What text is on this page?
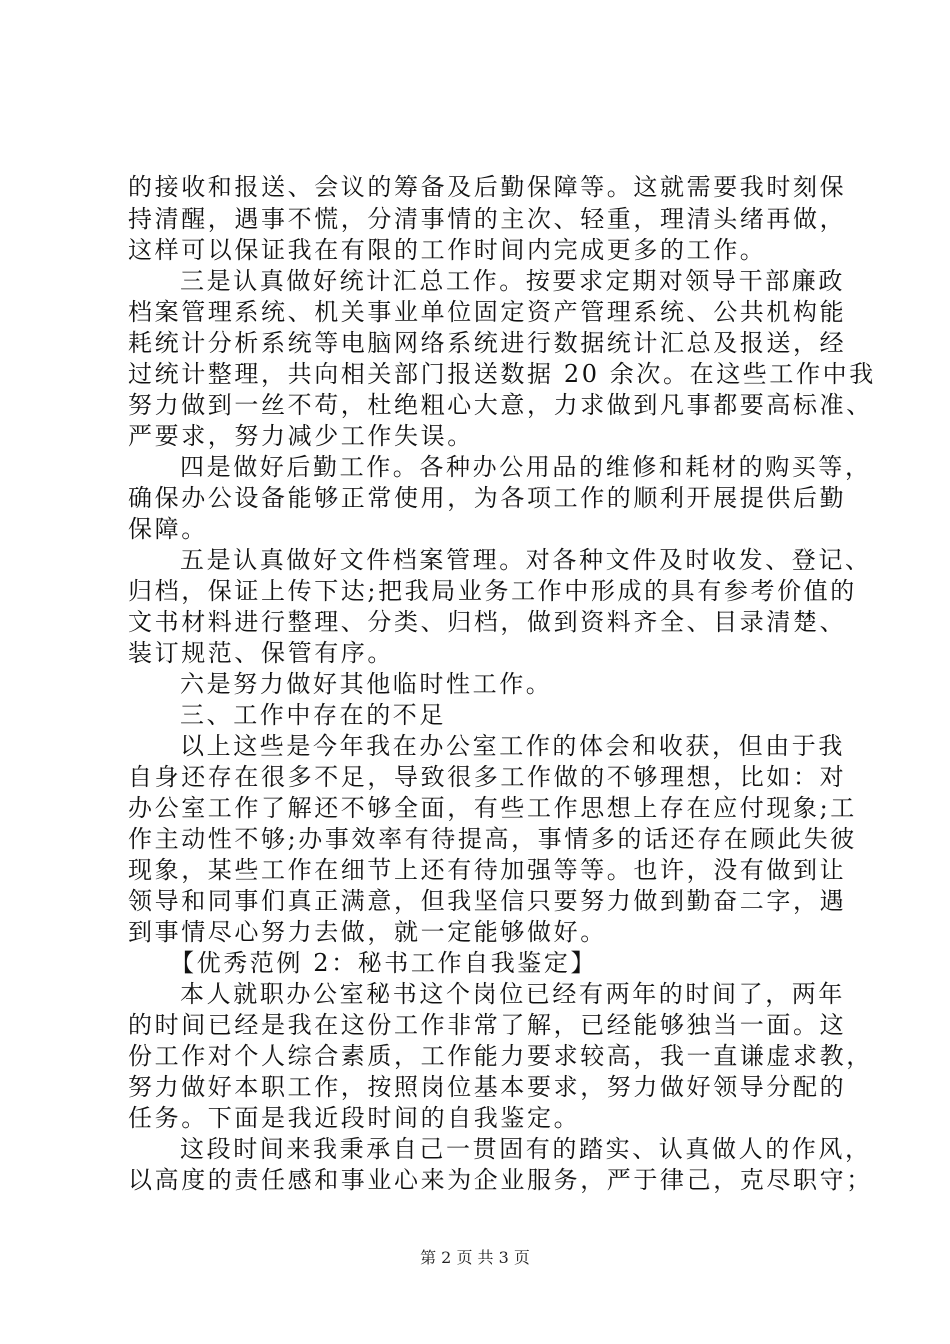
的接收和报送、会议的筹备及后勤保障等。这就需要我时刻保
持清醒，遇事不慌，分清事情的主次、轻重，理清头绪再做，
这样可以保证我在有限的工作时间内完成更多的工作。
三是认真做好统计汇总工作。按要求定期对领导干部廉政
档案管理系统、机关事业单位固定资产管理系统、公共机构能
耗统计分析系统等电脑网络系统进行数据统计汇总及报送，经
过统计整理，共向相关部门报送数据 20 余次。在这些工作中我
努力做到一丝不苟，杜绝粗心大意，力求做到凡事都要高标准、
严要求，努力减少工作失误。
四是做好后勤工作。各种办公用品的维修和耗材的购买等，
确保办公设备能够正常使用，为各项工作的顺利开展提供后勤
保障。
五是认真做好文件档案管理。对各种文件及时收发、登记、
归档，保证上传下达;把我局业务工作中形成的具有参考价值的
文书材料进行整理、分类、归档，做到资料齐全、目录清楚、
装订规范、保管有序。
六是努力做好其他临时性工作。
三、工作中存在的不足
以上这些是今年我在办公室工作的体会和收获，但由于我
自身还存在很多不足，导致很多工作做的不够理想，比如：对
办公室工作了解还不够全面，有些工作思想上存在应付现象;工
作主动性不够;办事效率有待提高，事情多的话还存在顾此失彼
现象，某些工作在细节上还有待加强等等。也许，没有做到让
领导和同事们真正满意，但我坚信只要努力做到勤奋二字，遇
到事情尽心努力去做，就一定能够做好。
【优秀范例 2：秘书工作自我鉴定】
本人就职办公室秘书这个岗位已经有两年的时间了，两年
的时间已经是我在这份工作非常了解，已经能够独当一面。这
份工作对个人综合素质，工作能力要求较高，我一直谦虚求教，
努力做好本职工作，按照岗位基本要求，努力做好领导分配的
任务。下面是我近段时间的自我鉴定。
这段时间来我秉承自己一贯固有的踏实、认真做人的作风，
以高度的责任感和事业心来为企业服务，严于律己，克尽职守；
第 2 页 共 3 页
